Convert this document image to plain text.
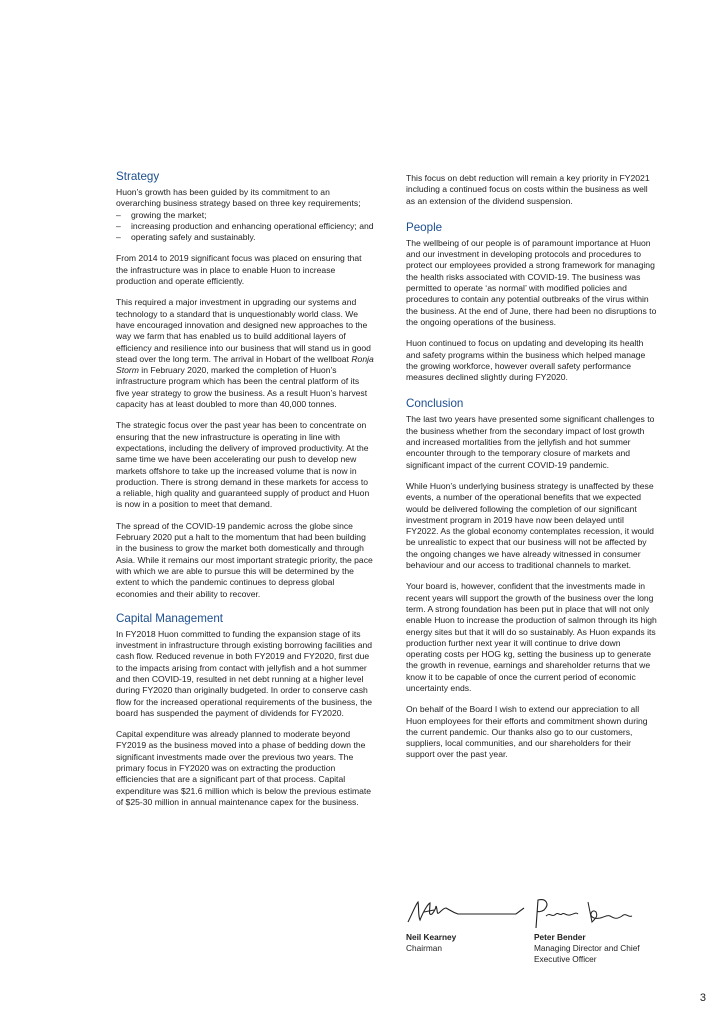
Strategy

Huon’s growth has been guided by its commitment to an overarching business strategy based on three key requirements;

– growing the market;
– increasing production and enhancing operational efficiency; and
– operating safely and sustainably.

From 2014 to 2019 significant focus was placed on ensuring that the infrastructure was in place to enable Huon to increase production and operate efficiently.

This required a major investment in upgrading our systems and technology to a standard that is unquestionably world class. We have encouraged innovation and designed new approaches to the way we farm that has enabled us to build additional layers of efficiency and resilience into our business that will stand us in good stead over the long term. The arrival in Hobart of the wellboat Ronja Storm in February 2020, marked the completion of Huon’s infrastructure program which has been the central platform of its five year strategy to grow the business. As a result Huon’s harvest capacity has at least doubled to more than 40,000 tonnes.

The strategic focus over the past year has been to concentrate on ensuring that the new infrastructure is operating in line with expectations, including the delivery of improved productivity. At the same time we have been accelerating our push to develop new markets offshore to take up the increased volume that is now in production. There is strong demand in these markets for access to a reliable, high quality and guaranteed supply of product and Huon is now in a position to meet that demand.

The spread of the COVID-19 pandemic across the globe since February 2020 put a halt to the momentum that had been building in the business to grow the market both domestically and through Asia. While it remains our most important strategic priority, the pace with which we are able to pursue this will be determined by the extent to which the pandemic continues to depress global economies and their ability to recover.

Capital Management

In FY2018 Huon committed to funding the expansion stage of its investment in infrastructure through existing borrowing facilities and cash flow. Reduced revenue in both FY2019 and FY2020, first due to the impacts arising from contact with jellyfish and a hot summer and then COVID-19, resulted in net debt running at a higher level during FY2020 than originally budgeted. In order to conserve cash flow for the increased operational requirements of the business, the board has suspended the payment of dividends for FY2020.

Capital expenditure was already planned to moderate beyond FY2019 as the business moved into a phase of bedding down the significant investments made over the previous two years. The primary focus in FY2020 was on extracting the production efficiencies that are a significant part of that process. Capital expenditure was $21.6 million which is below the previous estimate of $25-30 million in annual maintenance capex for the business.

This focus on debt reduction will remain a key priority in FY2021 including a continued focus on costs within the business as well as an extension of the dividend suspension.

People

The wellbeing of our people is of paramount importance at Huon and our investment in developing protocols and procedures to protect our employees provided a strong framework for managing the health risks associated with COVID-19. The business was permitted to operate ‘as normal’ with modified policies and procedures to contain any potential outbreaks of the virus within the business. At the end of June, there had been no disruptions to the ongoing operations of the business.

Huon continued to focus on updating and developing its health and safety programs within the business which helped manage the growing workforce, however overall safety performance measures declined slightly during FY2020.

Conclusion

The last two years have presented some significant challenges to the business whether from the secondary impact of lost growth and increased mortalities from the jellyfish and hot summer encounter through to the temporary closure of markets and significant impact of the current COVID-19 pandemic.

While Huon’s underlying business strategy is unaffected by these events, a number of the operational benefits that we expected would be delivered following the completion of our significant investment program in 2019 have now been delayed until FY2022. As the global economy contemplates recession, it would be unrealistic to expect that our business will not be affected by the ongoing changes we have already witnessed in consumer behaviour and our access to traditional channels to market.

Your board is, however, confident that the investments made in recent years will support the growth of the business over the long term. A strong foundation has been put in place that will not only enable Huon to increase the production of salmon through its high energy sites but that it will do so sustainably. As Huon expands its production further next year it will continue to drive down operating costs per HOG kg, setting the business up to generate the growth in revenue, earnings and shareholder returns that we know it to be capable of once the current period of economic uncertainty ends.

On behalf of the Board I wish to extend our appreciation to all Huon employees for their efforts and commitment shown during the current pandemic. Our thanks also go to our customers, suppliers, local communities, and our shareholders for their support over the past year.

Neil Kearney
Chairman
Peter Bender
Managing Director and Chief Executive Officer
3
